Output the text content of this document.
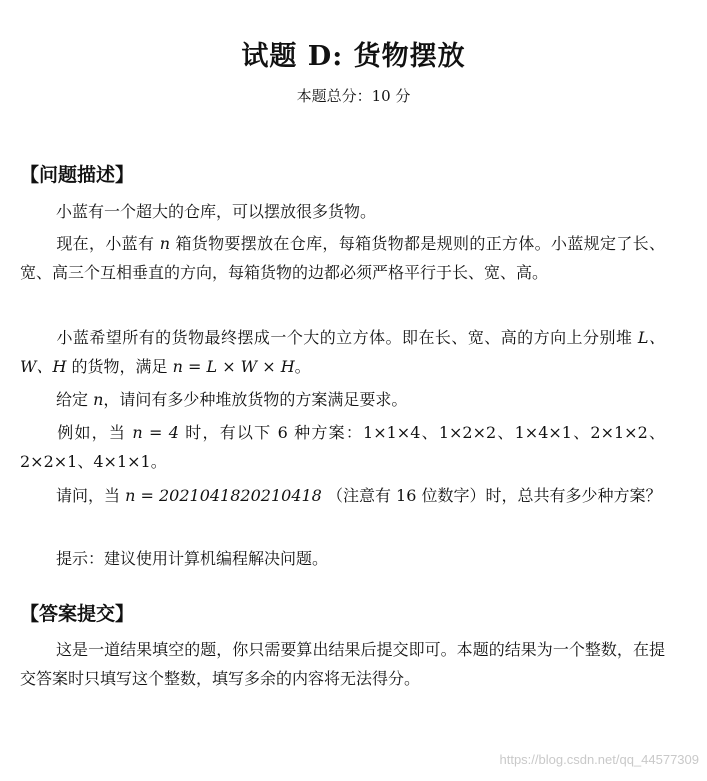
试题 D: 货物摆放
本题总分：10 分
【问题描述】
小蓝有一个超大的仓库，可以摆放很多货物。
现在，小蓝有 n 箱货物要摆放在仓库，每箱货物都是规则的正方体。小蓝规定了长、宽、高三个互相垂直的方向，每箱货物的边都必须严格平行于长、宽、高。
小蓝希望所有的货物最终摆成一个大的立方体。即在长、宽、高的方向上分别堆 L、W、H 的货物，满足 n = L × W × H。
给定 n，请问有多少种堆放货物的方案满足要求。
例如，当 n = 4 时，有以下 6 种方案：1×1×4、1×2×2、1×4×1、2×1×2、2×2×1、4×1×1。
请问，当 n = 2021041820210418 （注意有 16 位数字）时，总共有多少种方案？
提示：建议使用计算机编程解决问题。
【答案提交】
这是一道结果填空的题，你只需要算出结果后提交即可。本题的结果为一个整数，在提交答案时只填写这个整数，填写多余的内容将无法得分。
https://blog.csdn.net/qq_44577309
